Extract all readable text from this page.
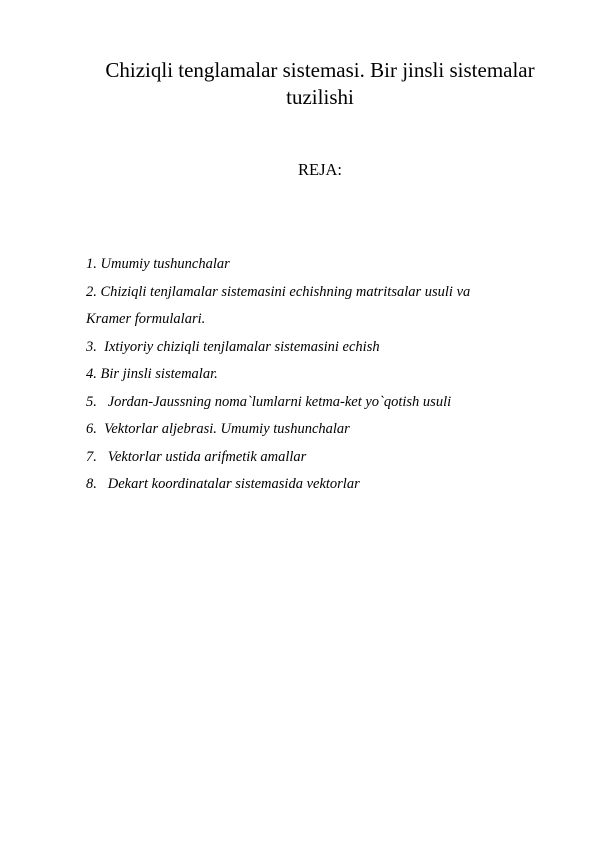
Chiziqli tenglamalar sistemasi. Bir jinsli sistemalar tuzilishi
REJA:
1. Umumiy tushunchalar
2. Chiziqli tenjlamalar sistemasini echishning matritsalar usuli va
Kramer formulalari.
3.  Ixtiyoriy chiziqli tenjlamalar sistemasini echish
4. Bir jinsli sistemalar.
5.   Jordan-Jaussning noma`lumlarni ketma-ket yo`qotish usuli
6.  Vektorlar aljebrasi. Umumiy tushunchalar
7.   Vektorlar ustida arifmetik amallar
8.   Dekart koordinatalar sistemasida vektorlar
